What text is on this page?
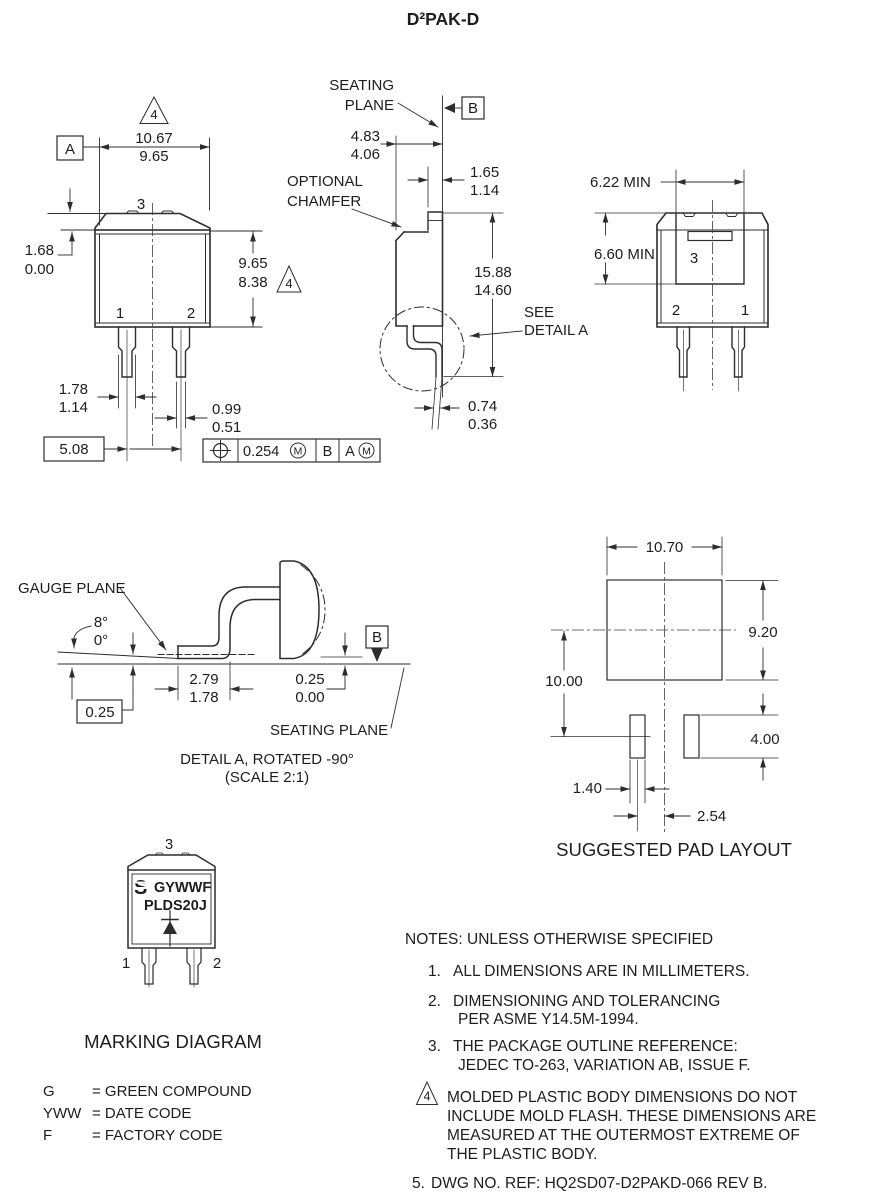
D²PAK-D
4
10.67
9.65
A
3
1.68
0.00	9.65
8.38 4
1	2
1.78
1.14	0.99
0.51
5.08	0.254 M B A M
SEATING
PLANE	B
4.83
4.06
1.65
1.14
OPTIONAL
CHAMFER
SEE
DETAIL A
15.88
14.60
0.74
0.36
6.22 MIN
6.60 MIN 3
2	1
GAUGE PLANE
8°
0°
0.25
2.79
1.78
0.25
0.00
B
SEATING PLANE
DETAIL A, ROTATED -90°
(SCALE 2:1)
10.70
9.20
10.00
4.00
1.40
2.54
SUGGESTED PAD LAYOUT
3
S GYWWF
PLDS20J
1	2
MARKING DIAGRAM
G = GREEN COMPOUND
YWW = DATE CODE
F	= FACTORY CODE
NOTES: UNLESS OTHERWISE SPECIFIED
1. ALL DIMENSIONS ARE IN MILLIMETERS.
2. DIMENSIONING AND TOLERANCING
PER ASME Y14.5M-1994.
3. THE PACKAGE OUTLINE REFERENCE:
JEDEC TO-263, VARIATION AB, ISSUE F.
4 MOLDED PLASTIC BODY DIMENSIONS DO NOT
INCLUDE MOLD FLASH. THESE DIMENSIONS ARE
MEASURED AT THE OUTERMOST EXTREME OF
THE PLASTIC BODY.
5. DWG NO. REF: HQ2SD07-D2PAKD-066 REV B.
